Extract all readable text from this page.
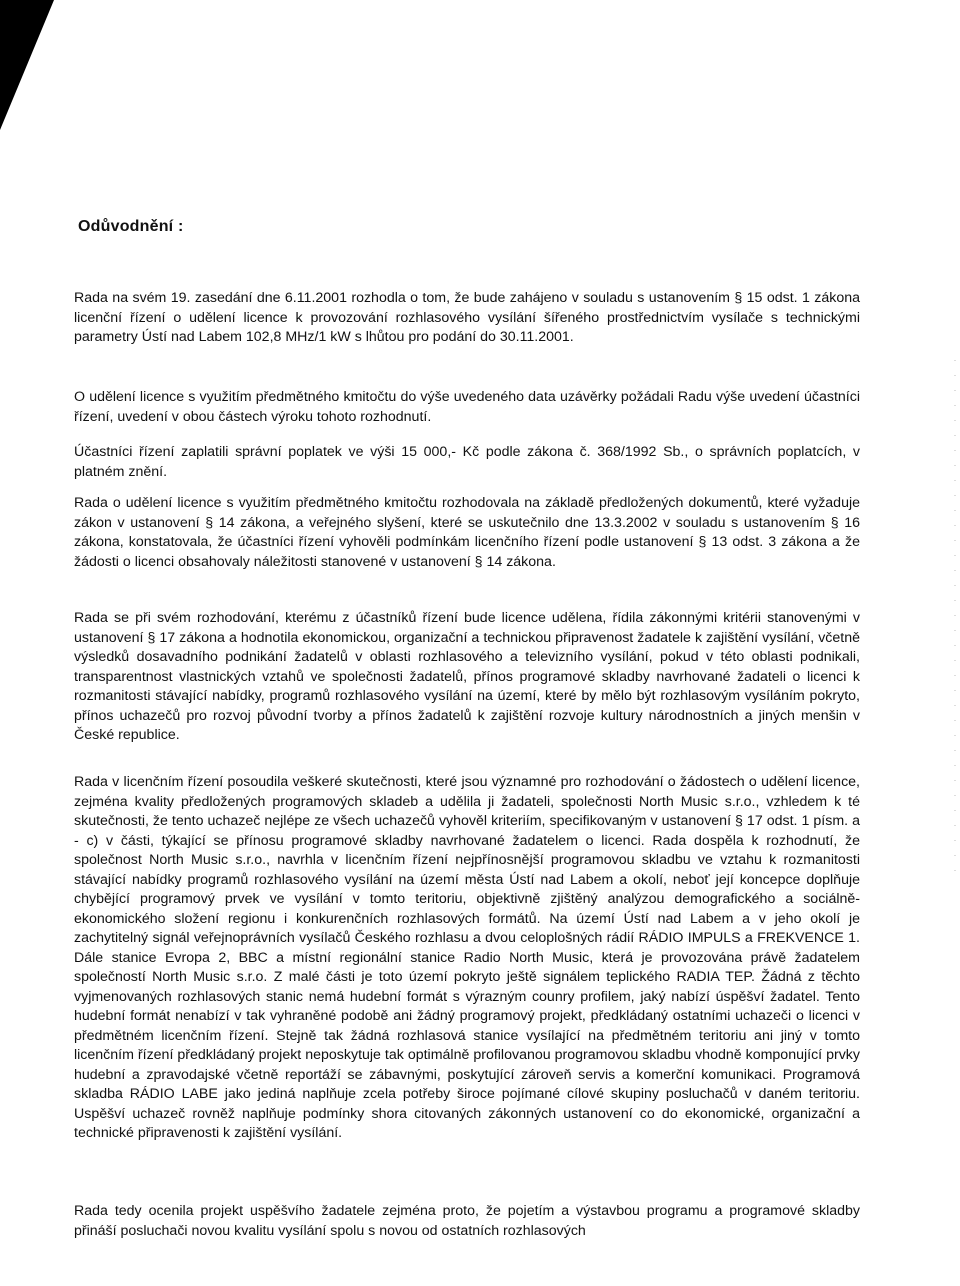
Odůvodnění :

Rada na svém 19. zasedání dne 6.11.2001 rozhodla o tom, že bude zahájeno v souladu s ustanovením § 15 odst. 1 zákona licenční řízení o udělení licence k provozování rozhlasového vysílání šířeného prostřednictvím vysílače s technickými parametry Ústí nad Labem 102,8 MHz/1 kW s lhůtou pro podání do 30.11.2001.

O udělení licence s využitím předmětného kmitočtu do výše uvedeného data uzávěrky požádali Radu výše uvedení účastníci řízení, uvedení v obou částech výroku tohoto rozhodnutí.

Účastníci řízení zaplatili správní poplatek ve výši 15 000,- Kč podle zákona č. 368/1992 Sb., o správních poplatcích, v platném znění.

Rada o udělení licence s využitím předmětného kmitočtu rozhodovala na základě předložených dokumentů, které vyžaduje zákon v ustanovení § 14 zákona, a veřejného slyšení, které se uskutečnilo dne 13.3.2002 v souladu s ustanovením § 16 zákona, konstatovala, že účastníci řízení vyhověli podmínkám licenčního řízení podle ustanovení § 13 odst. 3 zákona a že žádosti o licenci obsahovaly náležitosti stanovené v ustanovení § 14 zákona.

Rada se při svém rozhodování, kterému z účastníků řízení bude licence udělena, řídila zákonnými kritérii stanovenými v ustanovení § 17 zákona a hodnotila ekonomickou, organizační a technickou připravenost žadatele k zajištění vysílání, včetně výsledků dosavadního podnikání žadatelů v oblasti rozhlasového a televizního vysílání, pokud v této oblasti podnikali, transparentnost vlastnických vztahů ve společnosti žadatelů, přínos programové skladby navrhované žadateli o licenci k rozmanitosti stávající nabídky, programů rozhlasového vysílání na území, které by mělo být rozhlasovým vysíláním pokryto, přínos uchazečů pro rozvoj původní tvorby a přínos žadatelů k zajištění rozvoje kultury národnostních a jiných menšin v České republice.

Rada v licenčním řízení posoudila veškeré skutečnosti, které jsou významné pro rozhodování o žádostech o udělení licence, zejména kvality předložených programových skladeb a udělila ji žadateli, společnosti North Music s.r.o., vzhledem k té skutečnosti, že tento uchazeč nejlépe ze všech uchazečů vyhověl kriteriím, specifikovaným v ustanovení § 17 odst. 1 písm. a - c) v části, týkající se přínosu programové skladby navrhované žadatelem o licenci. Rada dospěla k rozhodnutí, že společnost North Music s.r.o., navrhla v licenčním řízení nejpřínosnější programovou skladbu ve vztahu k rozmanitosti stávající nabídky programů rozhlasového vysílání na území města Ústí nad Labem a okolí, neboť její koncepce doplňuje chybějící programový prvek ve vysílání v tomto teritoriu, objektivně zjištěný analýzou demografického a sociálně-ekonomického složení regionu i konkurenčních rozhlasových formátů. Na území Ústí nad Labem a v jeho okolí je zachytitelný signál veřejnoprávních vysílačů Českého rozhlasu a dvou celoplošných rádií RÁDIO IMPULS a FREKVENCE 1. Dále stanice Evropa 2, BBC a místní regionální stanice Radio North Music, která je provozována právě žadatelem společností North Music s.r.o. Z malé části je toto území pokryto ještě signálem teplického RADIA TEP. Žádná z těchto vyjmenovaných rozhlasových stanic nemá hudební formát s výrazným counry profilem, jaký nabízí úspěšví žadatel. Tento hudební formát nenabízí v tak vyhraněné podobě ani žádný programový projekt, předkládaný ostatními uchazeči o licenci v předmětném licenčním řízení. Stejně tak žádná rozhlasová stanice vysílající na předmětném teritoriu ani jiný v tomto licenčním řízení předkládaný projekt neposkytuje tak optimálně profilovanou programovou skladbu vhodně komponující prvky hudební a zpravodajské včetně reportáží se zábavnými, poskytující zároveň servis a komerční komunikaci. Programová skladba RÁDIO LABE jako jediná naplňuje zcela potřeby široce pojímané cílové skupiny posluchačů v daném teritoriu. Uspěšví uchazeč rovněž naplňuje podmínky shora citovaných zákonných ustanovení co do ekonomické, organizační a technické připravenosti k zajištění vysílání.

Rada tedy ocenila projekt uspěšvího žadatele zejména proto, že pojetím a výstavbou programu a programové skladby přináší posluchači novou kvalitu vysílání spolu s novou od ostatních rozhlasových
